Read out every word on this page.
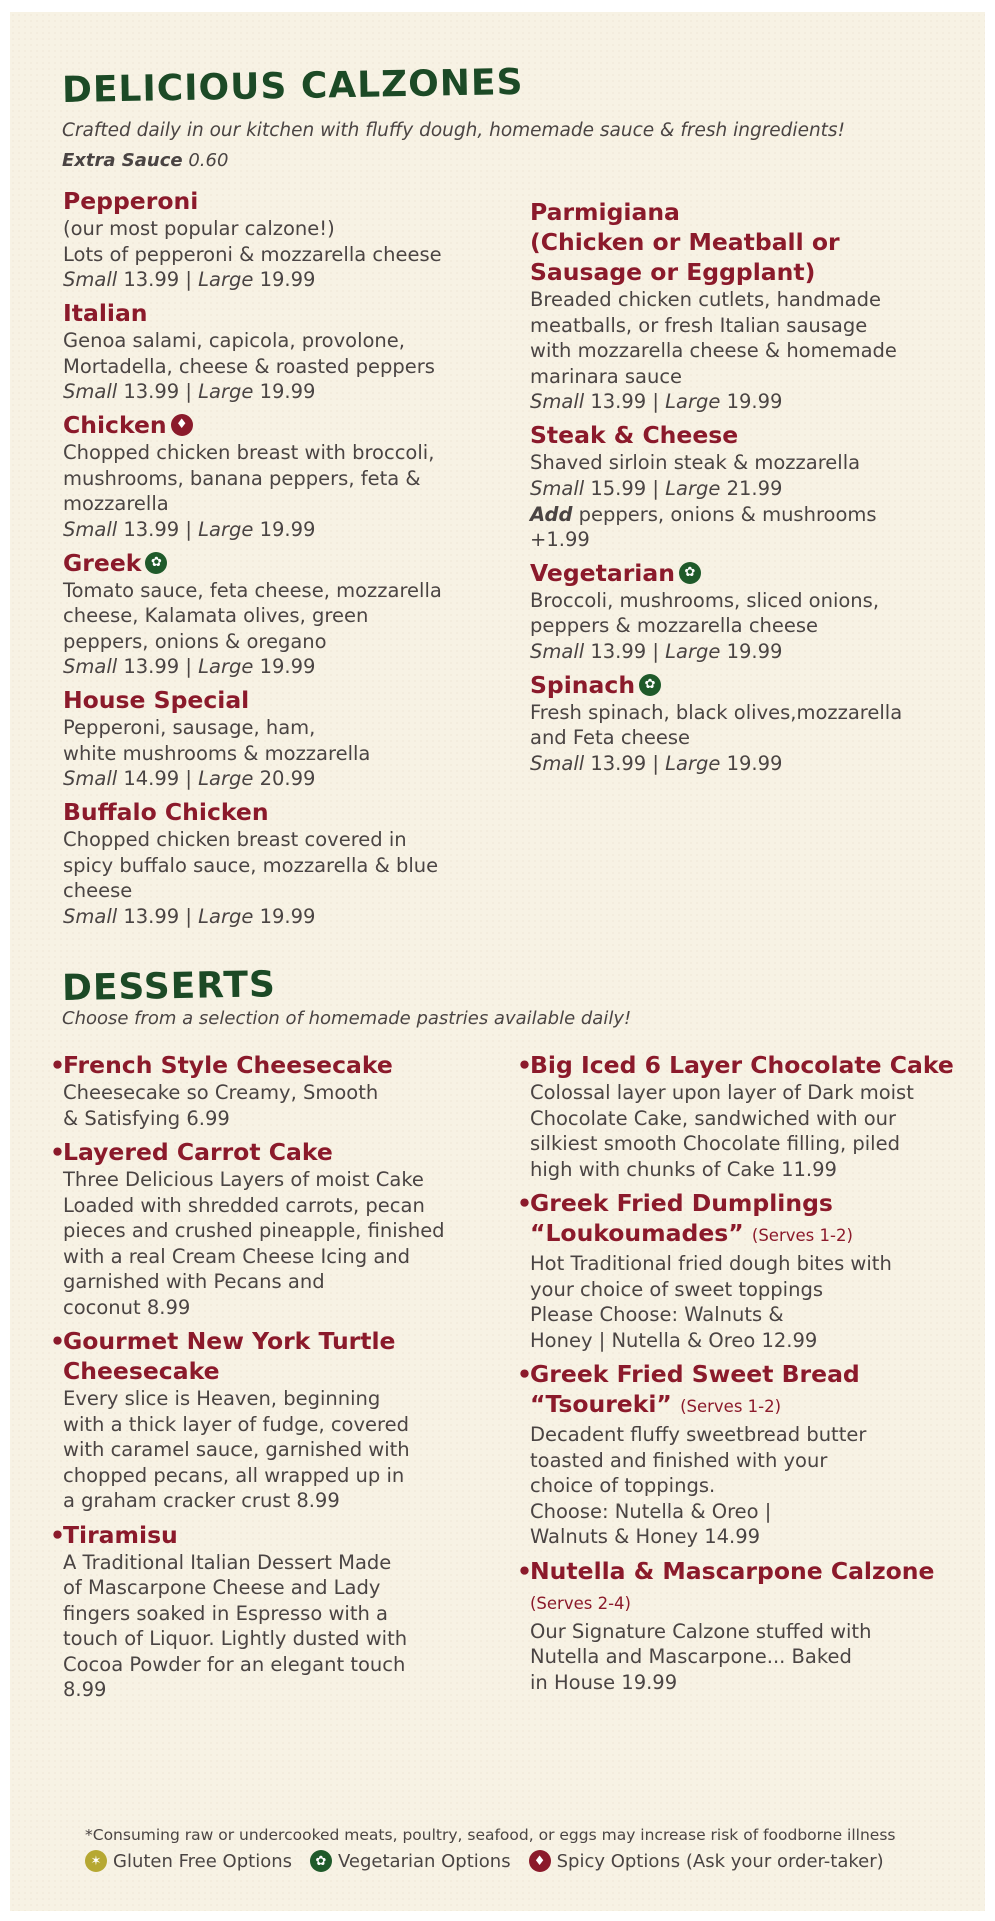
DELICIOUS CALZONES
Crafted daily in our kitchen with fluffy dough, homemade sauce & fresh ingredients!
Extra Sauce 0.60
Pepperoni
(our most popular calzone!)
Lots of pepperoni & mozzarella cheese
Small 13.99 | Large 19.99
Italian
Genoa salami, capicola, provolone,
Mortadella, cheese & roasted peppers
Small 13.99 | Large 19.99
Chicken ♦
Chopped chicken breast with broccoli,
mushrooms, banana peppers, feta &
mozzarella
Small 13.99 | Large 19.99
Greek ✿
Tomato sauce, feta cheese, mozzarella
cheese, Kalamata olives, green
peppers, onions & oregano
Small 13.99 | Large 19.99
House Special
Pepperoni, sausage, ham,
white mushrooms & mozzarella
Small 14.99 | Large 20.99
Buffalo Chicken
Chopped chicken breast covered in
spicy buffalo sauce, mozzarella & blue
cheese
Small 13.99 | Large 19.99
Parmigiana
(Chicken or Meatball or
Sausage or Eggplant)
Breaded chicken cutlets, handmade
meatballs, or fresh Italian sausage
with mozzarella cheese & homemade
marinara sauce
Small 13.99 | Large 19.99
Steak & Cheese
Shaved sirloin steak & mozzarella
Small 15.99 | Large 21.99
Add peppers, onions & mushrooms
+1.99
Vegetarian ✿
Broccoli, mushrooms, sliced onions,
peppers & mozzarella cheese
Small 13.99 | Large 19.99
Spinach ✿
Fresh spinach, black olives,mozzarella
and Feta cheese
Small 13.99 | Large 19.99
DESSERTS
Choose from a selection of homemade pastries available daily!
•
French Style Cheesecake
Cheesecake so Creamy, Smooth
& Satisfying 6.99
•
Layered Carrot Cake
Three Delicious Layers of moist Cake
Loaded with shredded carrots, pecan
pieces and crushed pineapple, finished
with a real Cream Cheese Icing and
garnished with Pecans and
coconut 8.99
•
Gourmet New York Turtle
Cheesecake
Every slice is Heaven, beginning
with a thick layer of fudge, covered
with caramel sauce, garnished with
chopped pecans, all wrapped up in
a graham cracker crust 8.99
•
Tiramisu
A Traditional Italian Dessert Made
of Mascarpone Cheese and Lady
fingers soaked in Espresso with a
touch of Liquor. Lightly dusted with
Cocoa Powder for an elegant touch
8.99
•
Big Iced 6 Layer Chocolate Cake
Colossal layer upon layer of Dark moist
Chocolate Cake, sandwiched with our
silkiest smooth Chocolate filling, piled
high with chunks of Cake 11.99
•
Greek Fried Dumplings
“Loukoumades” (Serves 1-2)
Hot Traditional fried dough bites with
your choice of sweet toppings
Please Choose: Walnuts &
Honey | Nutella & Oreo 12.99
•
Greek Fried Sweet Bread
“Tsoureki” (Serves 1-2)
Decadent fluffy sweetbread butter
toasted and finished with your
choice of toppings.
Choose: Nutella & Oreo |
Walnuts & Honey 14.99
•
Nutella & Mascarpone Calzone (Serves 2-4)
Our Signature Calzone stuffed with
Nutella and Mascarpone... Baked
in House 19.99
*Consuming raw or undercooked meats, poultry, seafood, or eggs may increase risk of foodborne illness
✶ Gluten Free Options	✿ Vegetarian Options	♦ Spicy Options (Ask your order-taker)
